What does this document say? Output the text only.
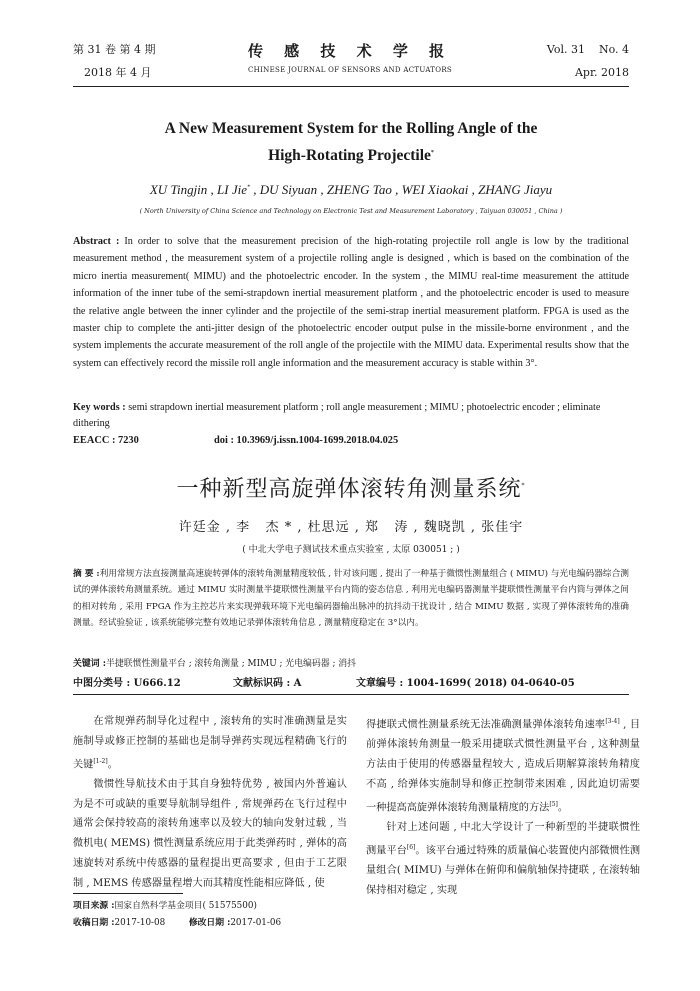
第 31 卷 第 4 期
2018 年 4 月
传 感 技 术 学 报
CHINESE JOURNAL OF SENSORS AND ACTUATORS
Vol. 31    No. 4
Apr. 2018
A New Measurement System for the Rolling Angle of the
High-Rotating Projectile*
XU Tingjin , LI Jie* , DU Siyuan , ZHENG Tao , WEI Xiaokai , ZHANG Jiayu
( North University of China Science and Technology on Electronic Test and Measurement Laboratory , Taiyuan 030051 , China )
Abstract : In order to solve that the measurement precision of the high-rotating projectile roll angle is low by the traditional measurement method , the measurement system of a projectile rolling angle is designed , which is based on the combination of the micro inertia measurement( MIMU) and the photoelectric encoder. In the system , the MIMU real-time measurement the attitude information of the inner tube of the semi-strapdown inertial measurement platform , and the photoelectric encoder is used to measure the relative angle between the inner cylinder and the projectile of the semi-strap inertial measurement platform. FPGA is used as the master chip to complete the anti-jitter design of the photoelectric encoder output pulse in the missile-borne environment , and the system implements the accurate measurement of the roll angle of the projectile with the MIMU data. Experimental results show that the system can effectively record the missile roll angle information and the measurement accuracy is stable within 3°.
Key words : semi strapdown inertial measurement platform ; roll angle measurement ; MIMU ; photoelectric encoder ; eliminate dithering
EEACC : 7230	doi : 10.3969/j.issn.1004-1699.2018.04.025
一种新型高旋弹体滚转角测量系统*
许廷金 , 李   杰 * , 杜思远 , 郑   涛 , 魏晓凯 , 张佳宇
( 中北大学电子测试技术重点实验室 , 太原 030051 ; )
摘 要 :利用常规方法直接测量高速旋转弹体的滚转角测量精度较低 , 针对该问题 , 提出了一种基于微惯性测量组合 ( MIMU) 与光电编码器综合测试的弹体滚转角测量系统。通过 MIMU 实时测量半捷联惯性测量平台内筒的姿态信息 , 利用光电编码器测量半捷联惯性测量平台内筒与弹体之间的相对转角 , 采用 FPGA 作为主控芯片来实现弹载环境下光电编码器输出脉冲的抗抖动干扰设计 , 结合 MIMU 数据 , 实现了弹体滚转角的准确测量。经试验验证 , 该系统能够完整有效地记录弹体滚转角信息 , 测量精度稳定在 3°以内。
关键词 :半捷联惯性测量平台 ; 滚转角测量 ; MIMU ; 光电编码器 ; 消抖
中图分类号 : U666.12	文献标识码 : A	文章编号 : 1004-1699( 2018) 04-0640-05

在常规弹药制导化过程中 , 滚转角的实时准确测量是实施制导或修正控制的基础也是制导弹药实现远程精确飞行的关键[1-2]。

微惯性导航技术由于其自身独特优势 , 被国内外普遍认为是不可或缺的重要导航制导组件 , 常规弹药在飞行过程中通常会保持较高的滚转角速率以及较大的轴向发射过载 , 当微机电( MEMS) 惯性测量系统应用于此类弹药时 , 弹体的高速旋转对系统中传感器的量程提出更高要求 , 但由于工艺限制 , MEMS 传感器量程增大而其精度性能相应降低 , 使

得捷联式惯性测量系统无法准确测量弹体滚转角速率[3-4] , 目前弹体滚转角测量一般采用捷联式惯性测量平台 , 这种测量方法由于使用的传感器量程较大 , 造成后期解算滚转角精度不高 , 给弹体实施制导和修正控制带来困难 , 因此迫切需要一种提高高旋弹体滚转角测量精度的方法[5]。

针对上述问题 , 中北大学设计了一种新型的半捷联惯性测量平台[6]。该平台通过特殊的质量偏心装置使内部微惯性测量组合( MIMU) 与弹体在俯仰和偏航轴保持捷联 , 在滚转轴保持相对稳定 , 实现

项目来源 :国家自然科学基金项目( 51575500)
收稿日期 :2017-10-08	修改日期 :2017-01-06
